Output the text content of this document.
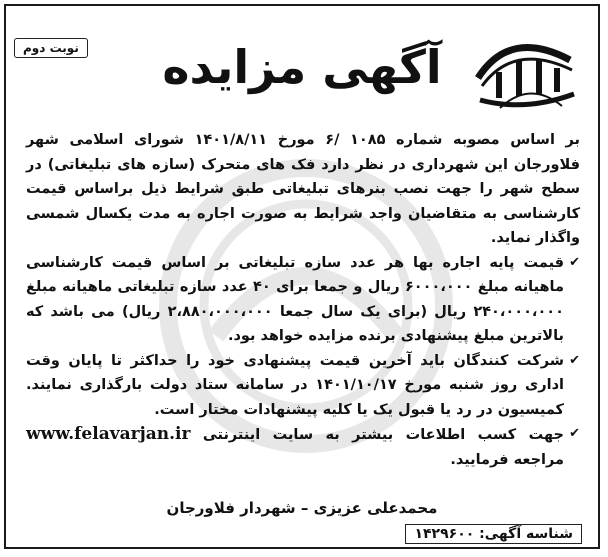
نوبت دوم	آگهی مزایده

بر اساس مصوبه شماره ۱۰۸۵ /۶ مورخ ۱۴۰۱/۸/۱۱ شورای اسلامی شهر فلاورجان این شهرداری در نظر دارد فک های متحرک (سازه های تبلیغاتی) در سطح شهر را جهت نصب بنرهای تبلیغاتی طبق شرایط ذیل براساس قیمت کارشناسی به متقاضیان واجد شرایط به صورت اجاره به مدت یکسال شمسی واگذار نماید.

✔
قیمت پایه اجاره بها هر عدد سازه تبلیغاتی بر اساس قیمت کارشناسی ماهیانه مبلغ ۶۰۰۰،۰۰۰ ریال و جمعا برای ۴۰ عدد سازه تبلیغاتی ماهیانه مبلغ ۲۴۰،۰۰۰،۰۰۰ ریال (برای یک سال جمعا ۲،۸۸۰،۰۰۰،۰۰۰ ریال) می باشد که بالاترین مبلغ پیشنهادی برنده مزایده خواهد بود.

✔
شرکت کنندگان باید آخرین قیمت پیشنهادی خود را حداکثر تا پایان وقت اداری روز شنبه مورخ ۱۴۰۱/۱۰/۱۷ در سامانه ستاد دولت بارگذاری نمایند. کمیسیون در رد یا قبول یک یا کلیه پیشنهادات مختار است.

✔
جهت کسب اطلاعات بیشتر به سایت اینترنتی www.felavarjan.ir مراجعه فرمایید.

محمدعلی عزیزی – شهردار فلاورجان
شناسه آگهی: ۱۴۲۹۶۰۰
